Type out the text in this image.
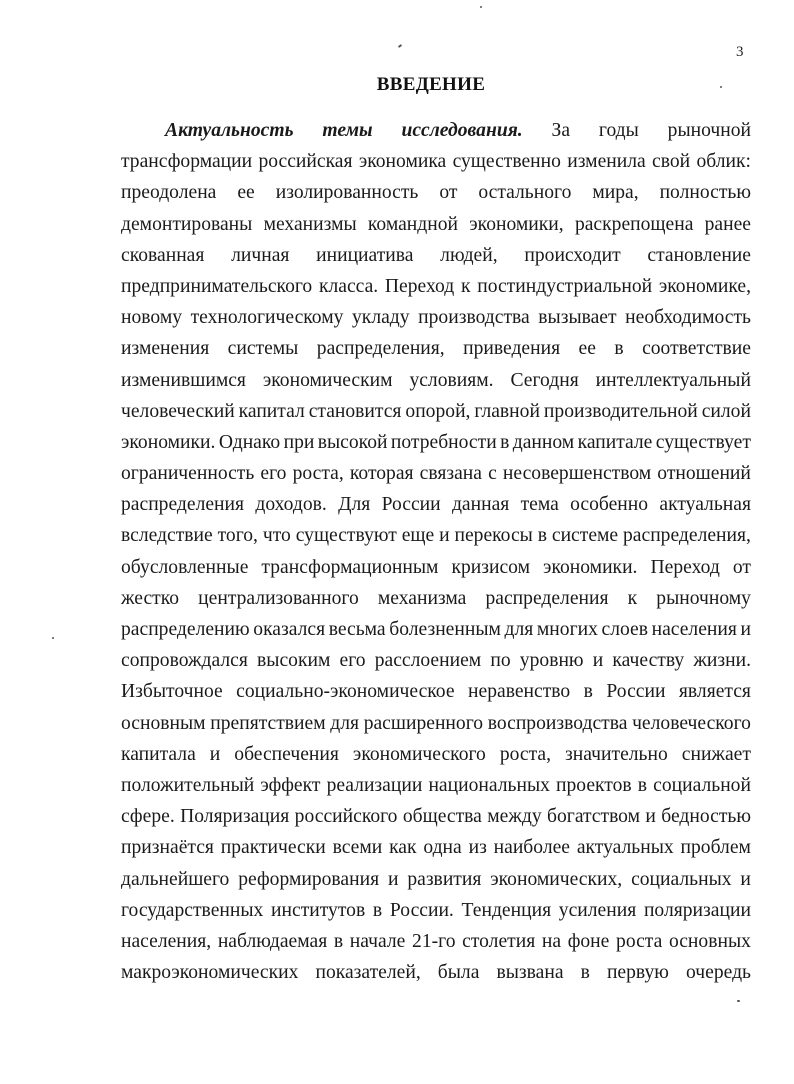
3
ВВЕДЕНИЕ
Актуальность темы исследования. За годы рыночной
трансформации российская экономика существенно изменила свой облик:
преодолена ее изолированность от остального мира, полностью
демонтированы механизмы командной экономики, раскрепощена ранее
скованная личная инициатива людей, происходит становление
предпринимательского класса. Переход к постиндустриальной экономике,
новому технологическому укладу производства вызывает необходимость
изменения системы распределения, приведения ее в соответствие
изменившимся экономическим условиям. Сегодня интеллектуальный
человеческий капитал становится опорой, главной производительной силой
экономики. Однако при высокой потребности в данном капитале существует
ограниченность его роста, которая связана с несовершенством отношений
распределения доходов. Для России данная тема особенно актуальная
вследствие того, что существуют еще и перекосы в системе распределения,
обусловленные трансформационным кризисом экономики. Переход от
жестко централизованного механизма распределения к рыночному
распределению оказался весьма болезненным для многих слоев населения и
сопровождался высоким его расслоением по уровню и качеству жизни.
Избыточное социально-экономическое неравенство в России является
основным препятствием для расширенного воспроизводства человеческого
капитала и обеспечения экономического роста, значительно снижает
положительный эффект реализации национальных проектов в социальной
сфере. Поляризация российского общества между богатством и бедностью
признаётся практически всеми как одна из наиболее актуальных проблем
дальнейшего реформирования и развития экономических, социальных и
государственных институтов в России. Тенденция усиления поляризации
населения, наблюдаемая в начале 21-го столетия на фоне роста основных
макроэкономических показателей, была вызвана в первую очередь
